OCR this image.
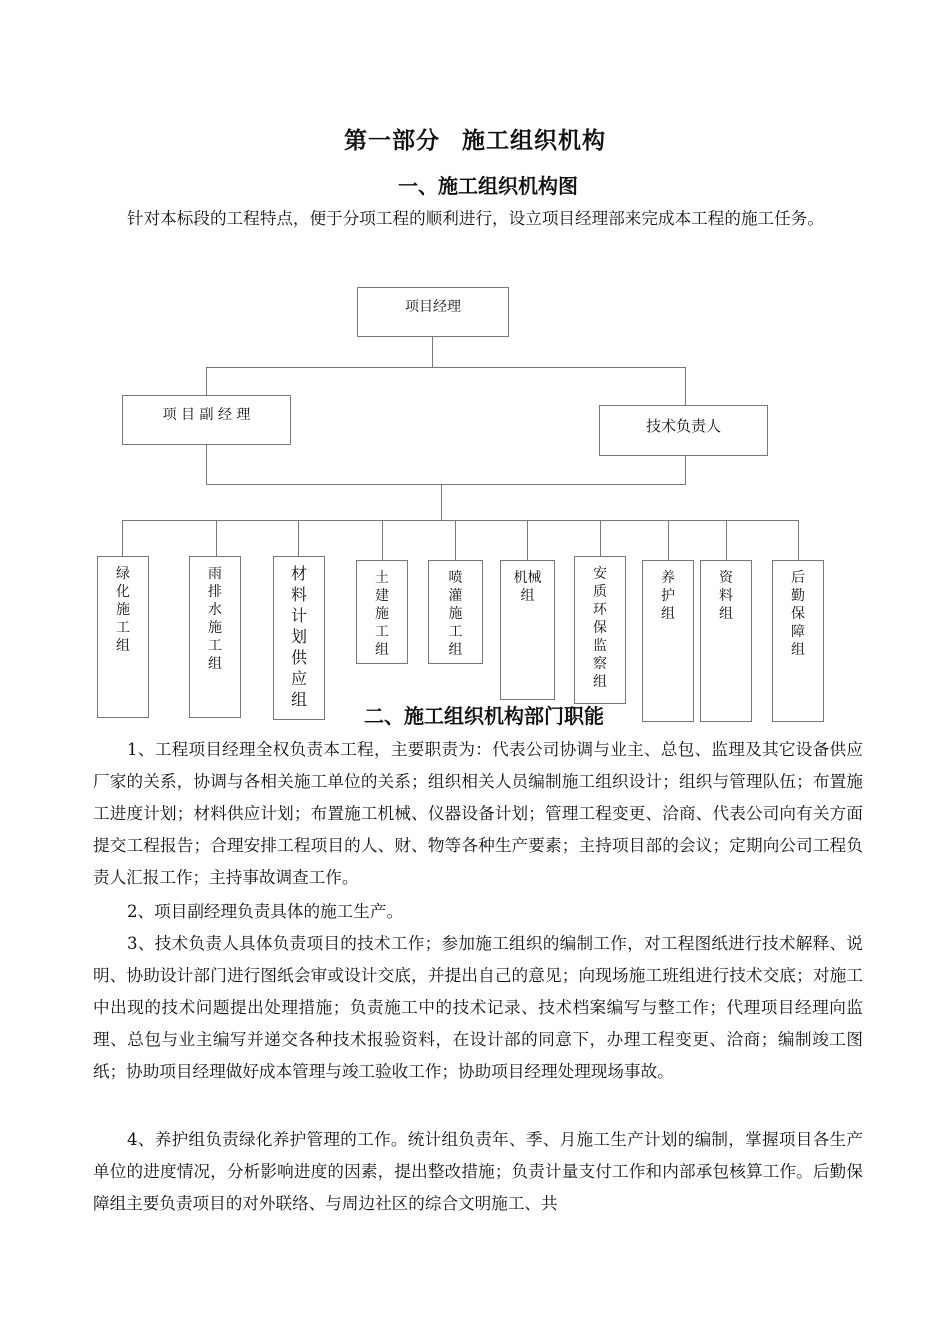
第一部分 施工组织机构
一、施工组织机构图

针对本标段的工程特点，便于分项工程的顺利进行，设立项目经理部来完成本工程的施工任务。

项目经理
项 目 副 经 理
技术负责人
绿
化
施
工
组
雨
排
水
施
工
组
材
料
计
划
供
应
组
土
建
施
工
组
喷
灌
施
工
组
机械
组
安
质
环
保
监
察
组
养
护
组
资
料
组
后
勤
保
障
组
二、施工组织机构部门职能

1、工程项目经理全权负责本工程，主要职责为：代表公司协调与业主、总包、监理及其它设备供应厂家的关系，协调与各相关施工单位的关系；组织相关人员编制施工组织设计；组织与管理队伍；布置施工进度计划；材料供应计划；布置施工机械、仪器设备计划；管理工程变更、洽商、代表公司向有关方面提交工程报告；合理安排工程项目的人、财、物等各种生产要素；主持项目部的会议；定期向公司工程负责人汇报工作；主持事故调查工作。

2、项目副经理负责具体的施工生产。

3、技术负责人具体负责项目的技术工作；参加施工组织的编制工作，对工程图纸进行技术解释、说明、协助设计部门进行图纸会审或设计交底，并提出自己的意见；向现场施工班组进行技术交底；对施工中出现的技术问题提出处理措施；负责施工中的技术记录、技术档案编写与整工作；代理项目经理向监理、总包与业主编写并递交各种技术报验资料，在设计部的同意下，办理工程变更、洽商；编制竣工图纸；协助项目经理做好成本管理与竣工验收工作；协助项目经理处理现场事故。

4、养护组负责绿化养护管理的工作。统计组负责年、季、月施工生产计划的编制，掌握项目各生产单位的进度情况，分析影响进度的因素，提出整改措施；负责计量支付工作和内部承包核算工作。后勤保障组主要负责项目的对外联络、与周边社区的综合文明施工、共
